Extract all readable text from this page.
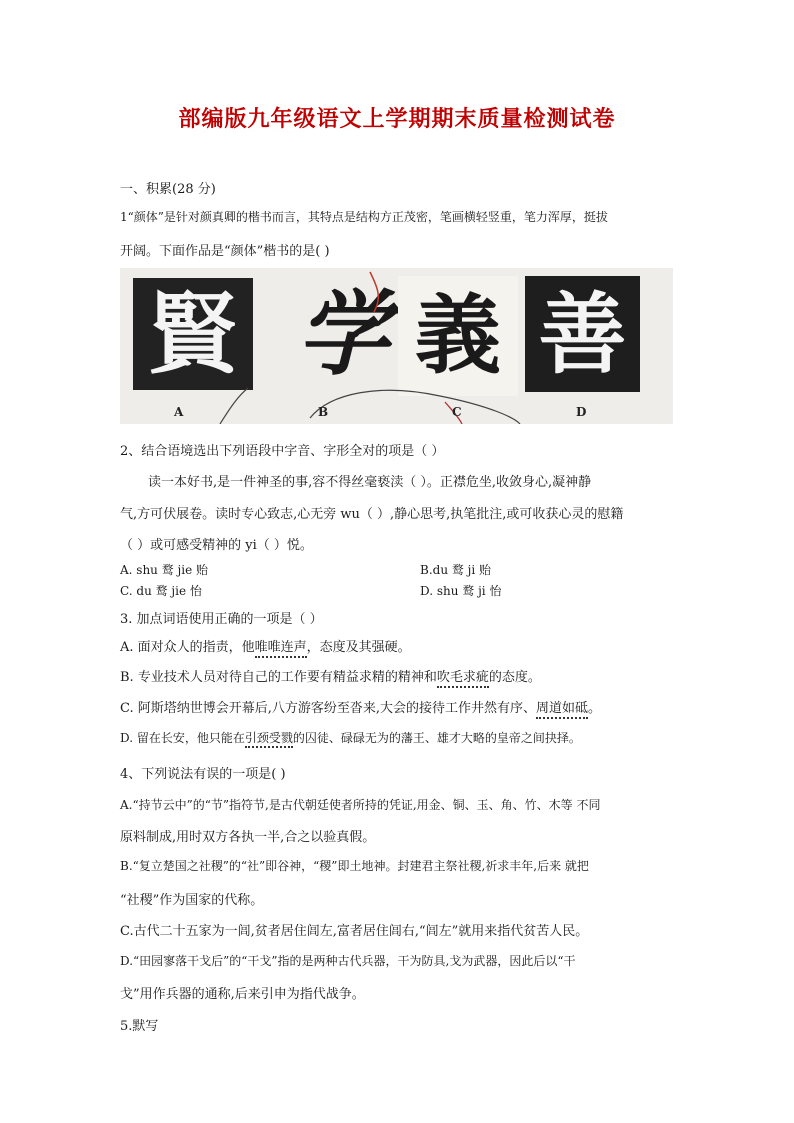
部编版九年级语文上学期期末质量检测试卷
一、积累(28 分)
1“颜体”是针对颜真卿的楷书而言，其特点是结构方正茂密，笔画横轻竖重，笔力浑厚，挺拔
开阔。下面作品是“颜体”楷书的是( )
賢 学 義 善
A	B	C	D
2、结合语境选出下列语段中字音、字形全对的项是（ ）
读一本好书,是一件神圣的事,容不得丝毫亵渎（ ）。正襟危坐,收敛身心,凝神静
气,方可伏展卷。读时专心致志,心无旁 wu（ ）,静心思考,执笔批注,或可收获心灵的慰籍
（ ）或可感受精神的 yi（ ）悦。
A. shu 鹜 jie 贻	B.du 鹜 ji 贻
C. du 鹜 jie 怡	D. shu 鹜 ji 怡
3. 加点词语使用正确的一项是（ ）
A. 面对众人的指责，他唯唯连声，态度及其强硬。
B. 专业技术人员对待自己的工作要有精益求精的精神和吹毛求疵的态度。
C. 阿斯塔纳世博会开幕后,八方游客纷至沓来,大会的接待工作井然有序、周道如砥。
D. 留在长安，他只能在引颈受戮的囚徒、碌碌无为的藩王、雄才大略的皇帝之间抉择。
4、下列说法有误的一项是( )
A.“持节云中”的“节”指符节,是古代朝廷使者所持的凭证,用金、铜、玉、角、竹、木等 不同
原料制成,用时双方各执一半,合之以验真假。
B.“复立楚国之社稷”的“社”即谷神，“稷”即土地神。封建君主祭社稷,祈求丰年,后来 就把
“社稷”作为国家的代称。
C.古代二十五家为一闾,贫者居住闾左,富者居住闾右,“闾左”就用来指代贫苦人民。
D.“田园寥落干戈后”的“干戈”指的是两种古代兵器，干为防具,戈为武器，因此后以“干
戈”用作兵器的通称,后来引申为指代战争。
5.默写
